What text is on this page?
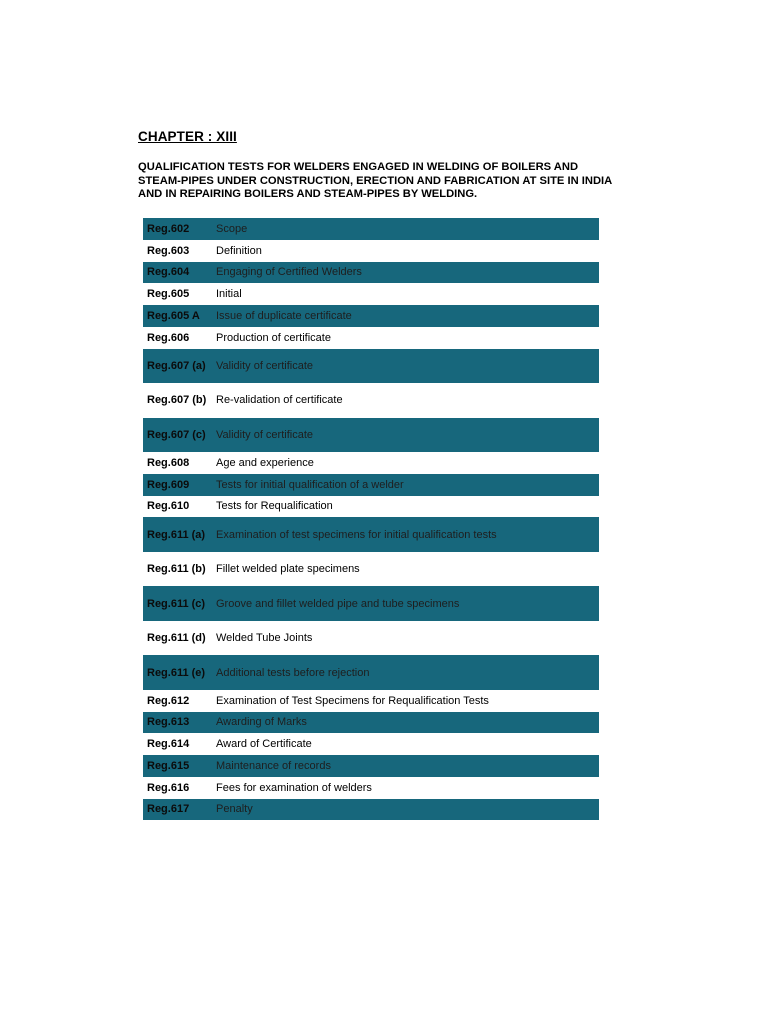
CHAPTER : XIII

QUALIFICATION TESTS FOR WELDERS ENGAGED IN WELDING OF BOILERS AND STEAM-PIPES UNDER CONSTRUCTION, ERECTION AND FABRICATION AT SITE IN INDIA AND IN REPAIRING BOILERS AND STEAM-PIPES BY WELDING.

Reg.602	Scope
Reg.603	Definition
Reg.604	Engaging of Certified Welders
Reg.605	Initial
Reg.605 A	Issue of duplicate certificate
Reg.606	Production of certificate
Reg.607 (a)	Validity of certificate
Reg.607 (b)	Re-validation of certificate
Reg.607 (c)	Validity of certificate
Reg.608	Age and experience
Reg.609	Tests for initial qualification of a welder
Reg.610	Tests for Requalification
Reg.611 (a)	Examination of test specimens for initial qualification tests
Reg.611 (b)	Fillet welded plate specimens
Reg.611 (c)	Groove and fillet welded pipe and tube specimens
Reg.611 (d)	Welded Tube Joints
Reg.611 (e)	Additional tests before rejection
Reg.612	Examination of Test Specimens for Requalification Tests
Reg.613	Awarding of Marks
Reg.614	Award of Certificate
Reg.615	Maintenance of records
Reg.616	Fees for examination of welders
Reg.617	Penalty
